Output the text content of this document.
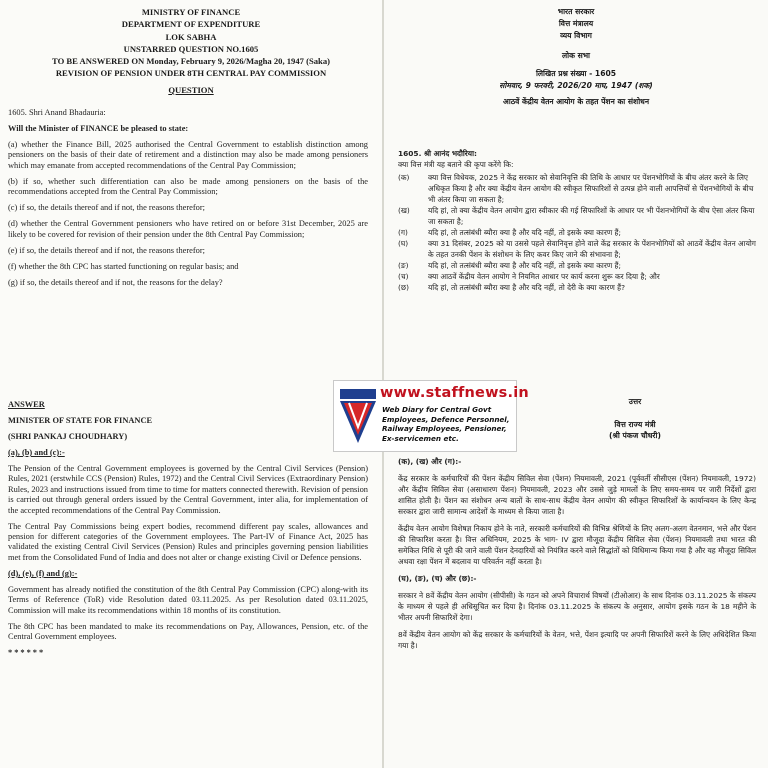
MINISTRY OF FINANCE
DEPARTMENT OF EXPENDITURE
LOK SABHA
UNSTARRED QUESTION NO.1605
TO BE ANSWERED ON Monday, February 9, 2026/Magha 20, 1947 (Saka)
REVISION OF PENSION UNDER 8TH CENTRAL PAY COMMISSION
QUESTION

1605. Shri Anand Bhadauria:

Will the Minister of FINANCE be pleased to state:

(a) whether the Finance Bill, 2025 authorised the Central Government to establish distinction among pensioners on the basis of their date of retirement and a distinction may also be made among pensioners which may emanate from accepted recommendations of the Central Pay Commission;

(b) if so, whether such differentiation can also be made among pensioners on the basis of the recommendations accepted from the Central Pay Commission;

(c) if so, the details thereof and if not, the reasons therefor;

(d) whether the Central Government pensioners who have retired on or before 31st December, 2025 are likely to be covered for revision of their pension under the 8th Central Pay Commission;

(e) if so, the details thereof and if not, the reasons therefor;

(f) whether the 8th CPC has started functioning on regular basis; and

(g) if so, the details thereof and if not, the reasons for the delay?

ANSWER

MINISTER OF STATE FOR FINANCE

(SHRI PANKAJ CHOUDHARY)

(a), (b) and (c):-

The Pension of the Central Government employees is governed by the Central Civil Services (Pension) Rules, 2021 (erstwhile CCS (Pension) Rules, 1972) and the Central Civil Services (Extraordinary Pension) Rules, 2023 and instructions issued from time to time for matters connected therewith. Revision of pension is carried out through general orders issued by the Central Government, inter alia, for implementation of the accepted recommendations of the Central Pay Commission.

The Central Pay Commissions being expert bodies, recommend different pay scales, allowances and pension for different categories of the Government employees. The Part-IV of Finance Act, 2025 has validated the existing Central Civil Services (Pension) Rules and principles governing pension liabilities met from the Consolidated Fund of India and does not alter or change existing Civil or Defence pensions.

(d), (e), (f) and (g):-

Government has already notified the constitution of the 8th Central Pay Commission (CPC) along-with its Terms of Reference (ToR) vide Resolution dated 03.11.2025. As per Resolution dated 03.11.2025, Commission will make its recommendations within 18 months of its constitution.

The 8th CPC has been mandated to make its recommendations on Pay, Allowances, Pension, etc. of the Central Government employees.

******

भारत सरकार
वित्त मंत्रालय
व्यय विभाग
लोक सभा
लिखित प्रश्न संख्या - 1605
सोमवार, 9 फरवरी, 2026/20 माघ, 1947 (शक)
आठवें केंद्रीय वेतन आयोग के तहत पेंशन का संशोधन

1605. श्री आनंद भदौरिया:

क्या वित्त मंत्री यह बताने की कृपा करेंगे कि:

(क)	क्या वित्त विधेयक, 2025 ने केंद्र सरकार को सेवानिवृत्ति की तिथि के आधार पर पेंशनभोगियों के बीच अंतर करने के लिए अधिकृत किया है और क्या केंद्रीय वेतन आयोग की स्वीकृत सिफारिशों से उत्पन्न होने वाली आपत्तियों से पेंशनभोगियों के बीच भी अंतर किया जा सकता है;
(ख)	यदि हां, तो क्या केंद्रीय वेतन आयोग द्वारा स्वीकार की गई सिफारिशों के आधार पर भी पेंशनभोगियों के बीच ऐसा अंतर किया जा सकता है;
(ग)	यदि हां, तो तत्संबंधी ब्यौरा क्या है और यदि नहीं, तो इसके क्या कारण हैं;
(घ)	क्या 31 दिसंबर, 2025 को या उससे पहले सेवानिवृत्त होने वाले केंद्र सरकार के पेंशनभोगियों को आठवें केंद्रीय वेतन आयोग के तहत उनकी पेंशन के संशोधन के लिए कवर किए जाने की संभावना है;
(ङ)	यदि हां, तो तत्संबंधी ब्यौरा क्या है और यदि नहीं, तो इसके क्या कारण हैं;
(च)	क्या आठवें केंद्रीय वेतन आयोग ने नियमित आधार पर कार्य करना शुरू कर दिया है; और
(छ)	यदि हां, तो तत्संबंधी ब्यौरा क्या है और यदि नहीं, तो देरी के क्या कारण हैं?
उत्तर
वित्त राज्य मंत्री
(श्री पंकज चौधरी)

(क), (ख) और (ग):-

केंद्र सरकार के कर्मचारियों की पेंशन केंद्रीय सिविल सेवा (पेंशन) नियमावली, 2021 (पूर्ववर्ती सीसीएस (पेंशन) नियमावली, 1972) और केंद्रीय सिविल सेवा (असाधारण पेंशन) नियमावली, 2023 और उससे जुड़े मामलों के लिए समय-समय पर जारी निर्देशों द्वारा शासित होती है। पेंशन का संशोधन अन्य बातों के साथ-साथ केंद्रीय वेतन आयोग की स्वीकृत सिफारिशों के कार्यान्वयन के लिए केन्द्र सरकार द्वारा जारी सामान्य आदेशों के माध्यम से किया जाता है।

केंद्रीय वेतन आयोग विशेषज्ञ निकाय होने के नाते, सरकारी कर्मचारियों की विभिन्न श्रेणियों के लिए अलग-अलग वेतनमान, भत्ते और पेंशन की सिफारिश करता है। वित्त अधिनियम, 2025 के भाग- IV द्वारा मौजूदा केंद्रीय सिविल सेवा (पेंशन) नियमावली तथा भारत की समेकित निधि से पूरी की जाने वाली पेंशन देनदारियों को नियंत्रित करने वाले सिद्धांतों को विधिमान्य किया गया है और यह मौजूदा सिविल अथवा रक्षा पेंशन में बदलाव या परिवर्तन नहीं करता है।

(घ), (ङ), (च) और (छ):-

सरकार ने 8वें केंद्रीय वेतन आयोग (सीपीसी) के गठन को अपने विचारार्थ विषयों (टीओआर) के साथ दिनांक 03.11.2025 के संकल्प के माध्यम से पहले ही अधिसूचित कर दिया है। दिनांक 03.11.2025 के संकल्प के अनुसार, आयोग इसके गठन के 18 महीने के भीतर अपनी सिफारिशें देगा।

8वें केंद्रीय वेतन आयोग को केंद्र सरकार के कर्मचारियों के वेतन, भत्ते, पेंशन इत्यादि पर अपनी सिफारिशें करने के लिए अधिदेशित किया गया है।

www.staffnews.in
Web Diary for Central Govt Employees, Defence Personnel, Railway Employees, Pensioner, Ex-servicemen etc.
